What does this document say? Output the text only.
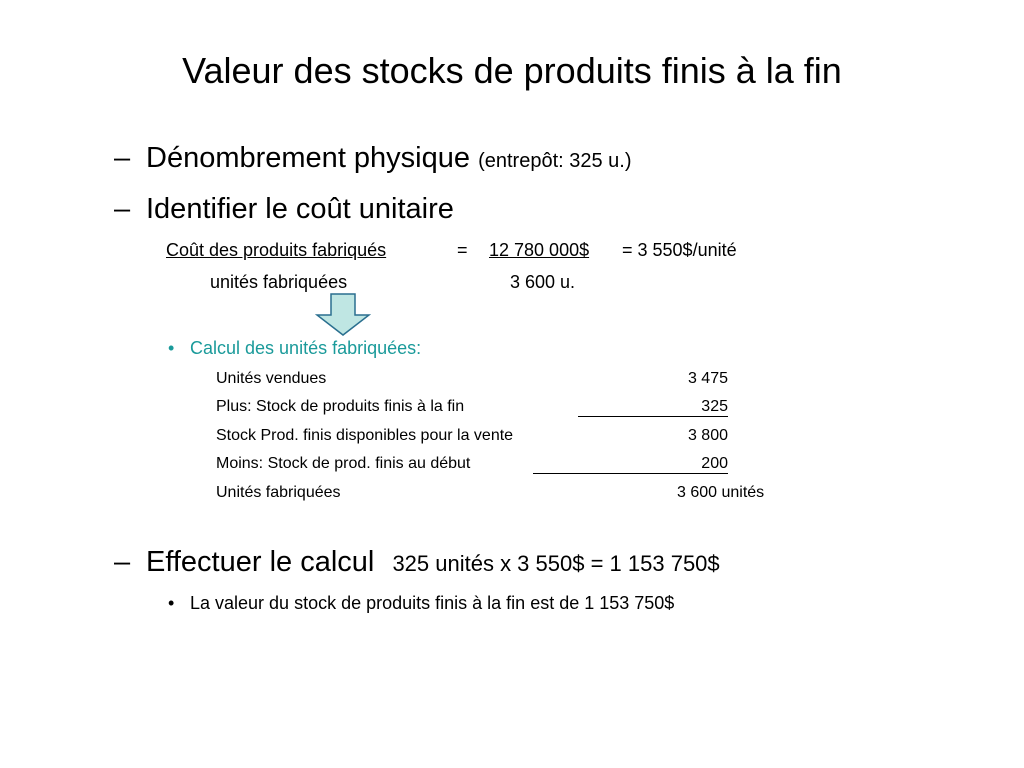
Valeur des stocks de produits finis à la fin
– Dénombrement physique (entrepôt: 325 u.)
– Identifier le coût unitaire
Coût des produits fabriqués	= 12 780 000$ = 3 550$/unité
unités fabriquées	3 600 u.
• Calcul des unités fabriquées:
Unités vendues	3 475
Plus: Stock de produits finis à la fin	325
Stock Prod. finis disponibles pour la vente	3 800
Moins: Stock de prod. finis au début	200
Unités fabriquées	3 600 unités
– Effectuer le calcul 325 unités x 3 550$ = 1 153 750$
• La valeur du stock de produits finis à la fin est de 1 153 750$
